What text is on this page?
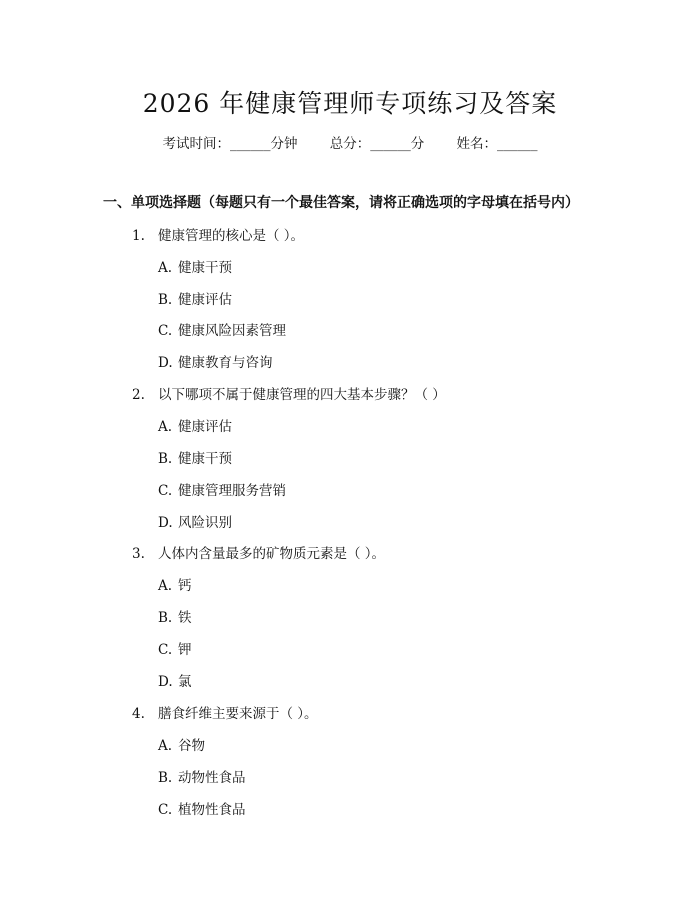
2026 年健康管理师专项练习及答案
考试时间：______分钟 总分：______分 姓名：______
一、单项选择题（每题只有一个最佳答案，请将正确选项的字母填在括号内）
1. 健康管理的核心是（ ）。
A. 健康干预
B. 健康评估
C. 健康风险因素管理
D. 健康教育与咨询
2. 以下哪项不属于健康管理的四大基本步骤？（ ）
A. 健康评估
B. 健康干预
C. 健康管理服务营销
D. 风险识别
3. 人体内含量最多的矿物质元素是（ ）。
A. 钙
B. 铁
C. 钾
D. 氯
4. 膳食纤维主要来源于（ ）。
A. 谷物
B. 动物性食品
C. 植物性食品
